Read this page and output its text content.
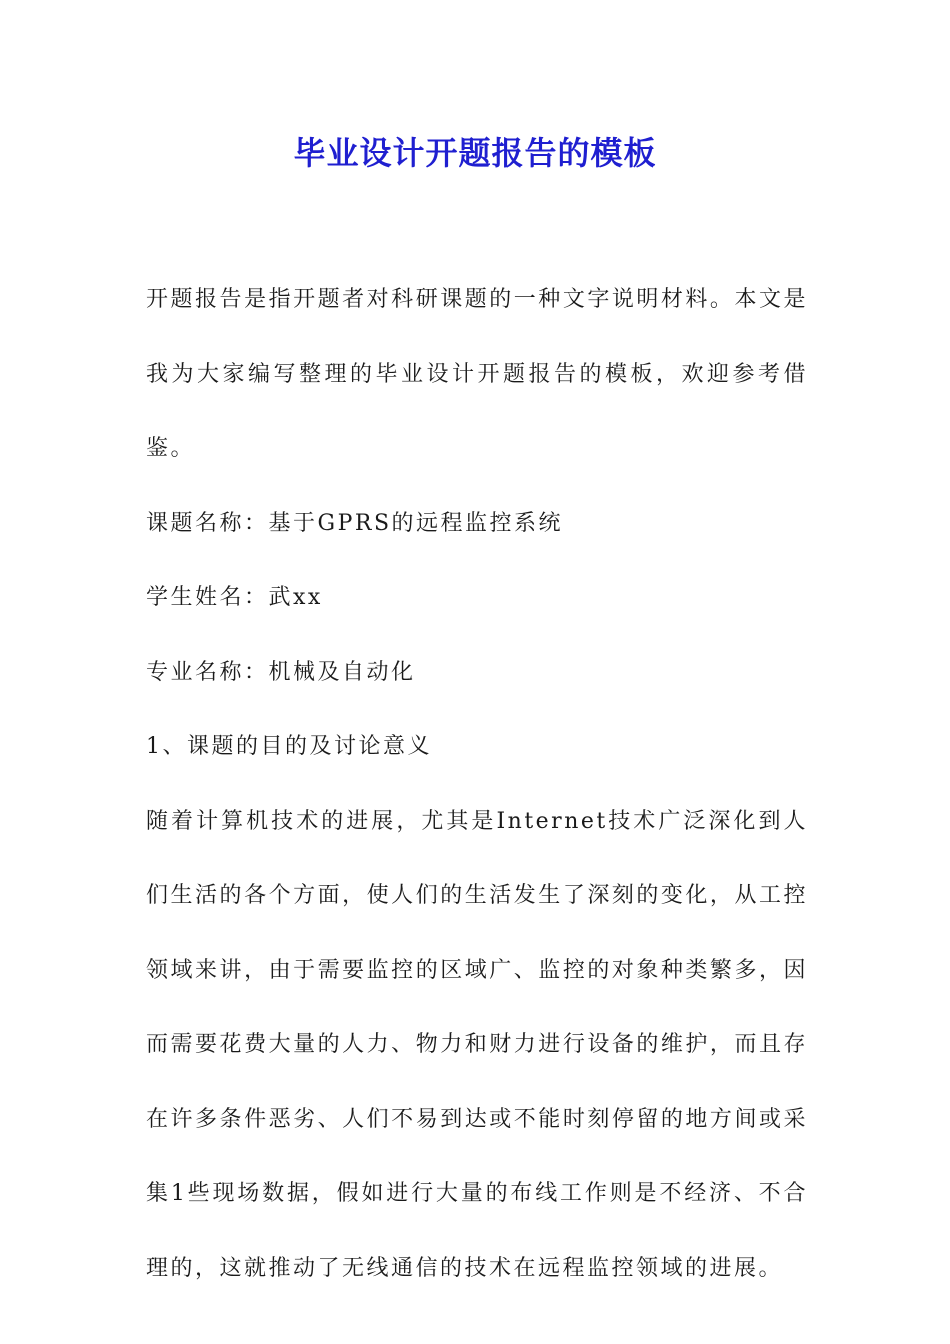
毕业设计开题报告的模板

开题报告是指开题者对科研课题的一种文字说明材料。本文是我为大家编写整理的毕业设计开题报告的模板，欢迎参考借鉴。

课题名称：基于GPRS的远程监控系统

学生姓名：武xx

专业名称：机械及自动化

1、课题的目的及讨论意义

随着计算机技术的进展，尤其是Internet技术广泛深化到人们生活的各个方面，使人们的生活发生了深刻的变化，从工控领域来讲，由于需要监控的区域广、监控的对象种类繁多，因而需要花费大量的人力、物力和财力进行设备的维护，而且存在许多条件恶劣、人们不易到达或不能时刻停留的地方间或采集1些现场数据，假如进行大量的布线工作则是不经济、不合理的，这就推动了无线通信的技术在远程监控领域的进展。
